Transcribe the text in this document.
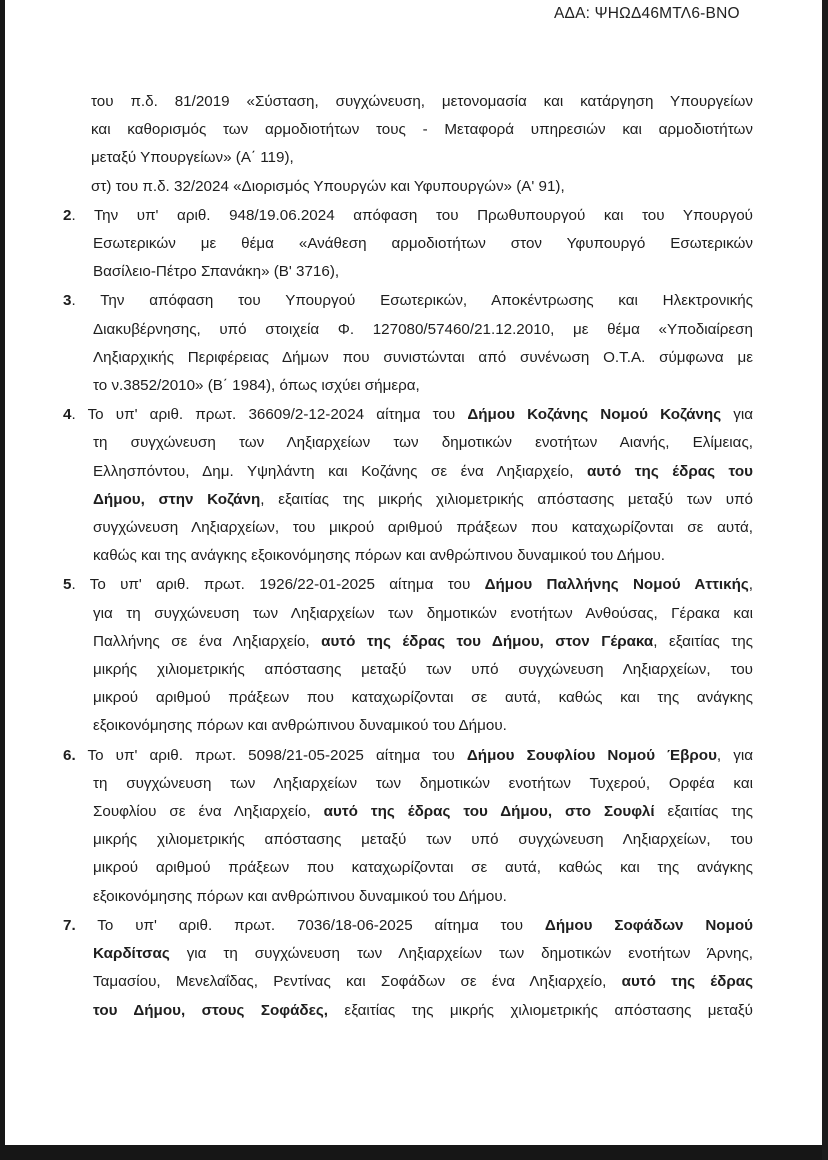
ΑΔΑ: ΨΗΩΔ46ΜΤΛ6-ΒΝΟ
του π.δ. 81/2019 «Σύσταση, συγχώνευση, μετονομασία και κατάργηση Υπουργείων
και καθορισμός των αρμοδιοτήτων τους - Μεταφορά υπηρεσιών και αρμοδιοτήτων
μεταξύ Υπουργείων» (Α΄ 119),
στ) του π.δ. 32/2024 «Διορισμός Υπουργών και Υφυπουργών» (Α' 91),
2. Την υπ' αριθ. 948/19.06.2024 απόφαση του Πρωθυπουργού και του Υπουργού
Εσωτερικών με θέμα «Ανάθεση αρμοδιοτήτων στον Υφυπουργό Εσωτερικών
Βασίλειο-Πέτρο Σπανάκη» (Β' 3716),
3. Την απόφαση του Υπουργού Εσωτερικών, Αποκέντρωσης και Ηλεκτρονικής
Διακυβέρνησης, υπό στοιχεία Φ. 127080/57460/21.12.2010, με θέμα «Υποδιαίρεση
Ληξιαρχικής Περιφέρειας Δήμων που συνιστώνται από συνένωση Ο.Τ.Α. σύμφωνα με
το ν.3852/2010» (Β΄ 1984), όπως ισχύει σήμερα,
4. Το υπ' αριθ. πρωτ. 36609/2-12-2024 αίτημα του Δήμου Κοζάνης Νομού Κοζάνης για
τη συγχώνευση των Ληξιαρχείων των δημοτικών ενοτήτων Αιανής, Ελίμειας,
Ελλησπόντου, Δημ. Υψηλάντη και Κοζάνης σε ένα Ληξιαρχείο, αυτό της έδρας του
Δήμου, στην Κοζάνη, εξαιτίας της μικρής χιλιομετρικής απόστασης μεταξύ των υπό
συγχώνευση Ληξιαρχείων, του μικρού αριθμού πράξεων που καταχωρίζονται σε αυτά,
καθώς και της ανάγκης εξοικονόμησης πόρων και ανθρώπινου δυναμικού του Δήμου.
5. Το υπ' αριθ. πρωτ. 1926/22-01-2025 αίτημα του Δήμου Παλλήνης Νομού Αττικής,
για τη συγχώνευση των Ληξιαρχείων των δημοτικών ενοτήτων Ανθούσας, Γέρακα και
Παλλήνης σε ένα Ληξιαρχείο, αυτό της έδρας του Δήμου, στον Γέρακα, εξαιτίας της
μικρής χιλιομετρικής απόστασης μεταξύ των υπό συγχώνευση Ληξιαρχείων, του
μικρού αριθμού πράξεων που καταχωρίζονται σε αυτά, καθώς και της ανάγκης
εξοικονόμησης πόρων και ανθρώπινου δυναμικού του Δήμου.
6. Το υπ' αριθ. πρωτ. 5098/21-05-2025 αίτημα του Δήμου Σουφλίου Νομού Έβρου, για
τη συγχώνευση των Ληξιαρχείων των δημοτικών ενοτήτων Τυχερού, Ορφέα και
Σουφλίου σε ένα Ληξιαρχείο, αυτό της έδρας του Δήμου, στο Σουφλί εξαιτίας της
μικρής χιλιομετρικής απόστασης μεταξύ των υπό συγχώνευση Ληξιαρχείων, του
μικρού αριθμού πράξεων που καταχωρίζονται σε αυτά, καθώς και της ανάγκης
εξοικονόμησης πόρων και ανθρώπινου δυναμικού του Δήμου.
7. Το υπ' αριθ. πρωτ. 7036/18-06-2025 αίτημα του Δήμου Σοφάδων Νομού
Καρδίτσας για τη συγχώνευση των Ληξιαρχείων των δημοτικών ενοτήτων Άρνης,
Ταμασίου, Μενελαΐδας, Ρεντίνας και Σοφάδων σε ένα Ληξιαρχείο, αυτό της έδρας
του Δήμου, στους Σοφάδες, εξαιτίας της μικρής χιλιομετρικής απόστασης μεταξύ
